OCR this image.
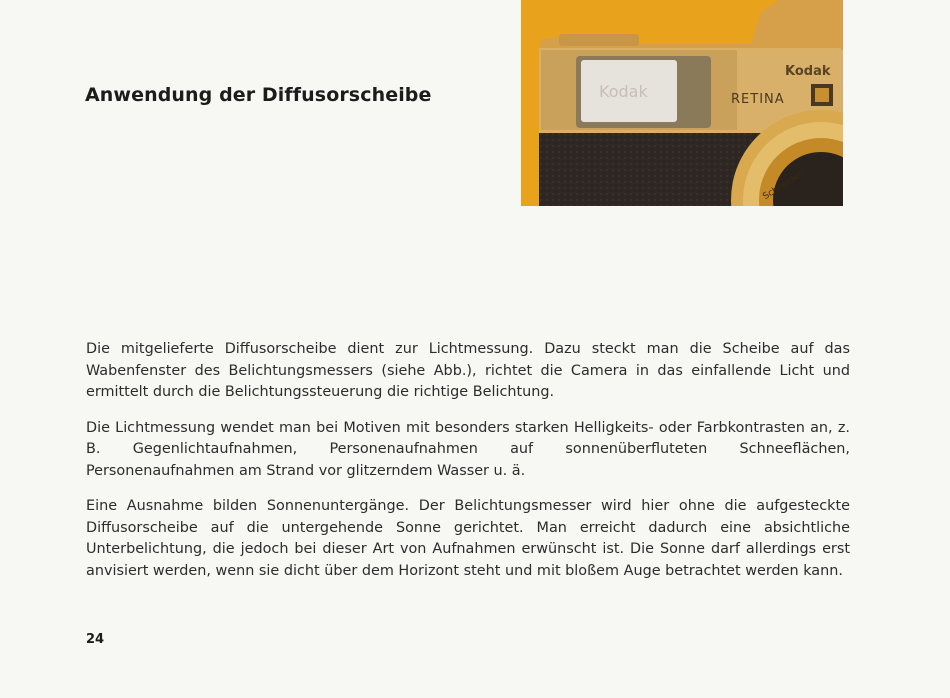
Anwendung der Diffusorscheibe	Kodak	RETINA
Kodak
Schneider

Die mitgelieferte Diffusorscheibe dient zur Lichtmessung. Dazu steckt man die Scheibe auf das Wabenfenster des Belichtungsmessers (siehe Abb.), richtet die Camera in das einfallende Licht und ermittelt durch die Belichtungssteuerung die richtige Belichtung.

Die Lichtmessung wendet man bei Motiven mit besonders starken Helligkeits- oder Farbkontrasten an, z. B. Gegenlichtaufnahmen, Personenaufnahmen auf sonnenüberfluteten Schneeflächen, Personenaufnahmen am Strand vor glitzerndem Wasser u. ä.

Eine Ausnahme bilden Sonnenuntergänge. Der Belichtungsmesser wird hier ohne die aufgesteckte Diffusorscheibe auf die untergehende Sonne gerichtet. Man erreicht dadurch eine absichtliche Unterbelichtung, die jedoch bei dieser Art von Aufnahmen erwünscht ist. Die Sonne darf allerdings erst anvisiert werden, wenn sie dicht über dem Horizont steht und mit bloßem Auge betrachtet werden kann.

24
